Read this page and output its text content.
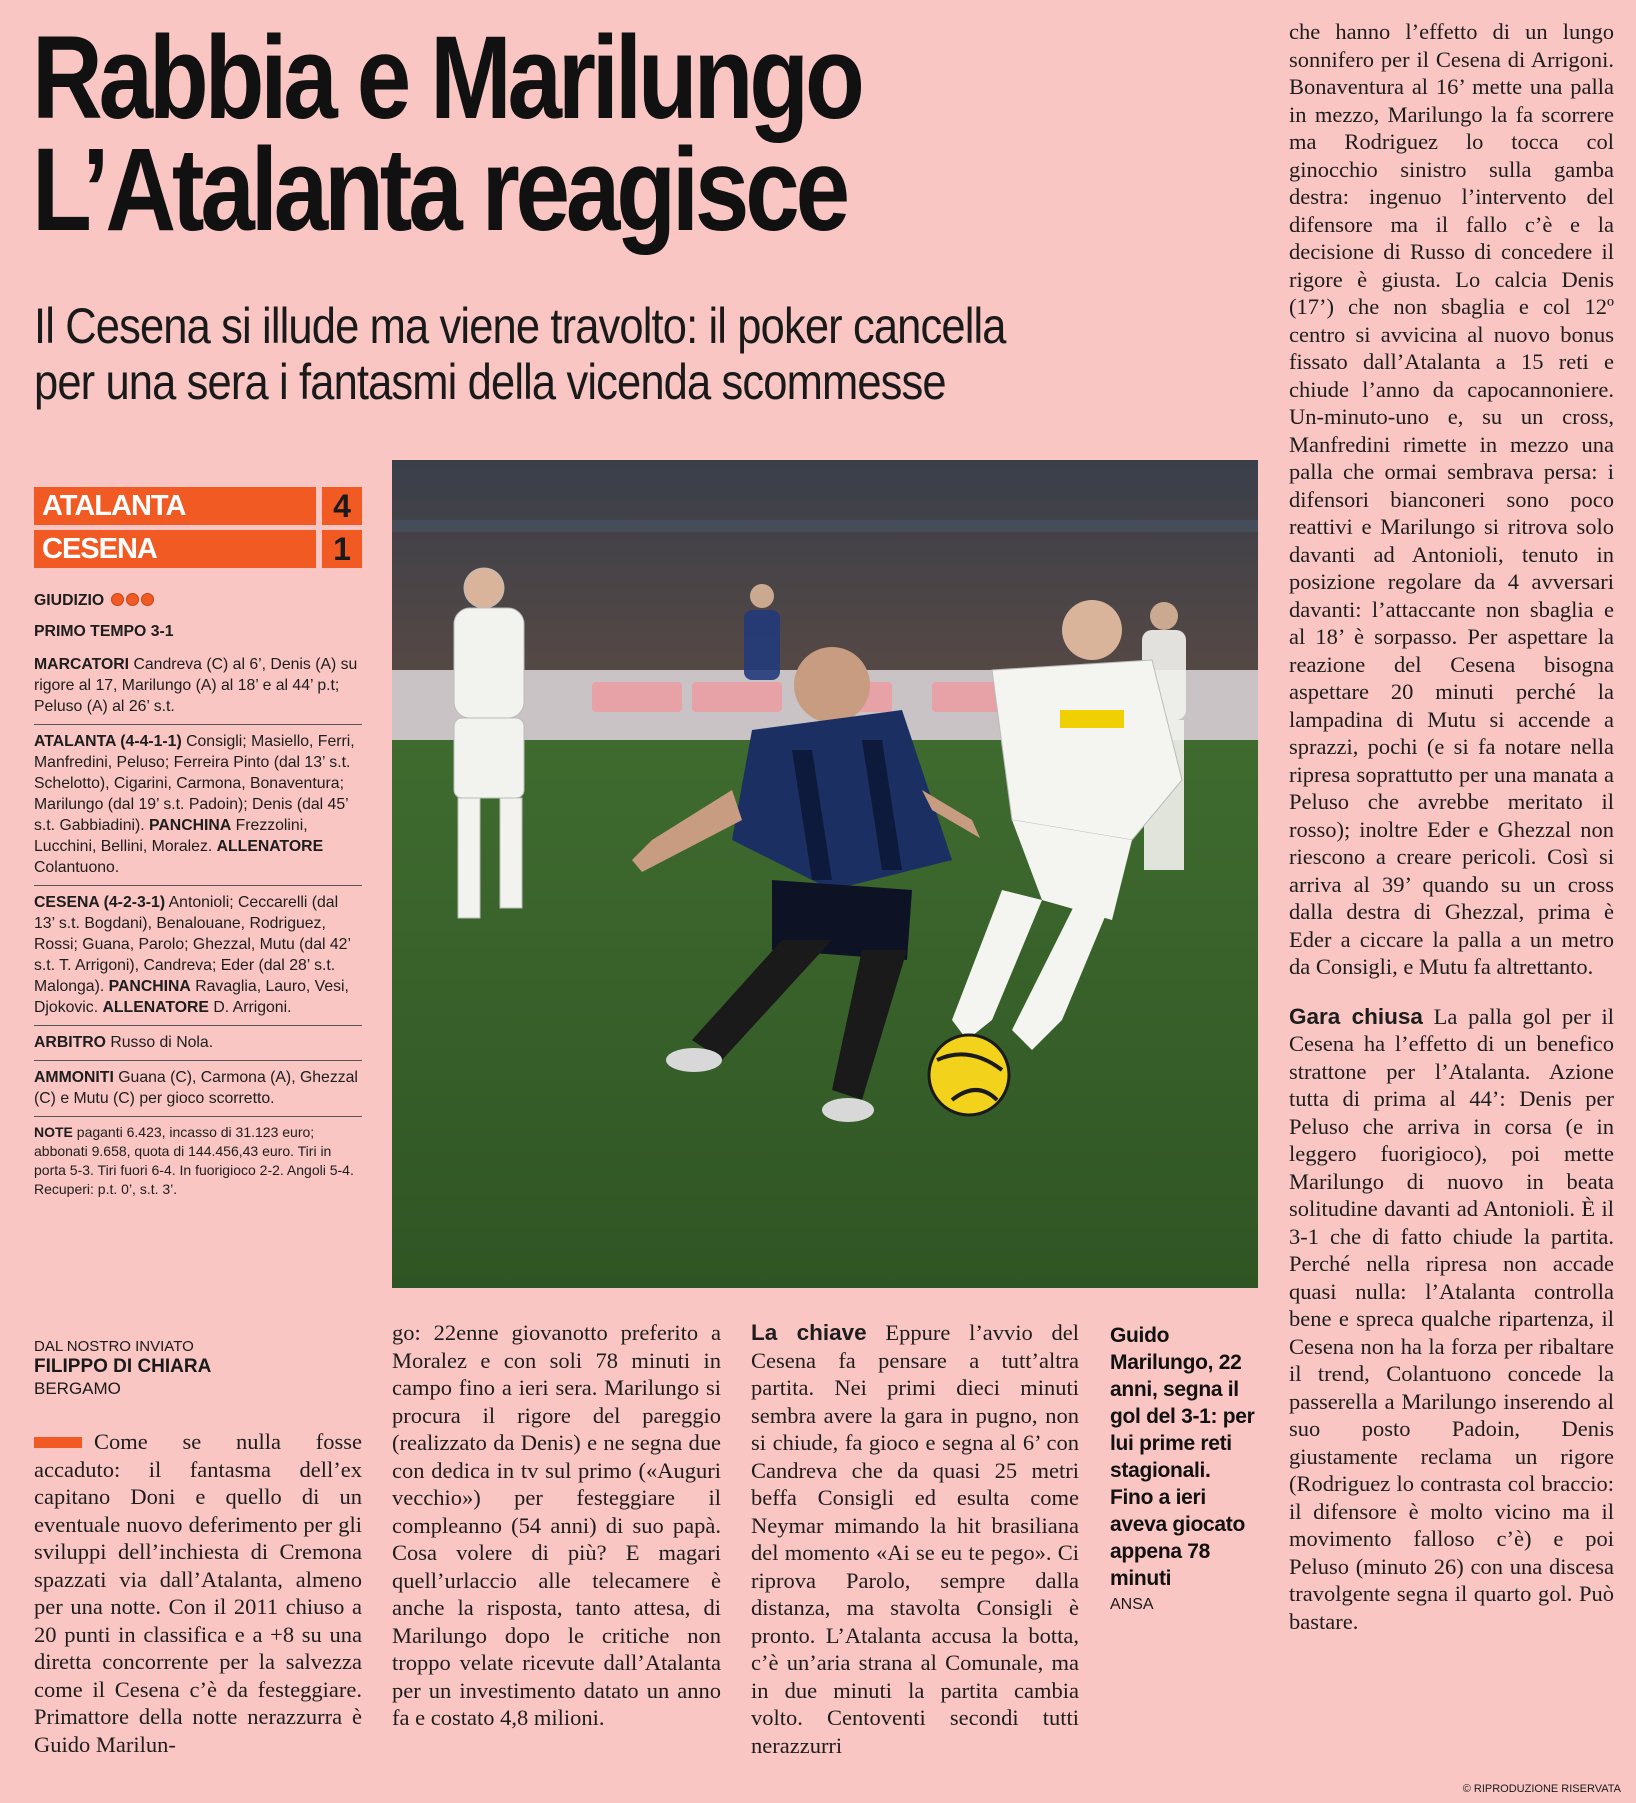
Rabbia e Marilungo
L’Atalanta reagisce
Il Cesena si illude ma viene travolto: il poker cancella
per una sera i fantasmi della vicenda scommesse
ATALANTA	4
CESENA	1
GIUDIZIO
PRIMO TEMPO 3-1
MARCATORI Candreva (C) al 6’, Denis (A) su rigore al 17, Marilungo (A) al 18’ e al 44’ p.t; Peluso (A) al 26’ s.t.
ATALANTA (4-4-1-1) Consigli; Masiello, Ferri, Manfredini, Peluso; Ferreira Pinto (dal 13’ s.t. Schelotto), Cigarini, Carmona, Bonaventura; Marilungo (dal 19’ s.t. Padoin); Denis (dal 45’ s.t. Gabbiadini). PANCHINA Frezzolini, Lucchini, Bellini, Moralez. ALLENATORE Colantuono.
CESENA (4-2-3-1) Antonioli; Ceccarelli (dal 13’ s.t. Bogdani), Benalouane, Rodriguez, Rossi; Guana, Parolo; Ghezzal, Mutu (dal 42’ s.t. T. Arrigoni), Candreva; Eder (dal 28’ s.t. Malonga). PANCHINA Ravaglia, Lauro, Vesi, Djokovic. ALLENATORE D. Arrigoni.
ARBITRO Russo di Nola.
AMMONITI Guana (C), Carmona (A), Ghezzal (C) e Mutu (C) per gioco scorretto.
NOTE paganti 6.423, incasso di 31.123 euro; abbonati 9.658, quota di 144.456,43 euro. Tiri in porta 5-3. Tiri fuori 6-4. In fuorigioco 2-2. Angoli 5-4. Recuperi: p.t. 0’, s.t. 3’.
DAL NOSTRO INVIATO
FILIPPO DI CHIARA
BERGAMO

Come se nulla fosse accaduto: il fantasma dell’ex capitano Doni e quello di un eventuale nuovo deferimento per gli sviluppi dell’inchiesta di Cremona spazzati via dall’Atalanta, almeno per una notte. Con il 2011 chiuso a 20 punti in classifica e a +8 su una diretta concorrente per la salvezza come il Cesena c’è da festeggiare. Primattore della notte nerazzurra è Guido Marilun-

go: 22enne giovanotto preferito a Moralez e con soli 78 minuti in campo fino a ieri sera. Marilungo si procura il rigore del pareggio (realizzato da Denis) e ne segna due con dedica in tv sul primo («Auguri vecchio») per festeggiare il compleanno (54 anni) di suo papà. Cosa volere di più? E magari quell’urlaccio alle telecamere è anche la risposta, tanto attesa, di Marilungo dopo le critiche non troppo velate ricevute dall’Atalanta per un investimento datato un anno fa e costato 4,8 milioni.

La chiave Eppure l’avvio del Cesena fa pensare a tutt’altra partita. Nei primi dieci minuti sembra avere la gara in pugno, non si chiude, fa gioco e segna al 6’ con Candreva che da quasi 25 metri beffa Consigli ed esulta come Neymar mimando la hit brasiliana del momento «Ai se eu te pego». Ci riprova Parolo, sempre dalla distanza, ma stavolta Consigli è pronto. L’Atalanta accusa la botta, c’è un’aria strana al Comunale, ma in due minuti la partita cambia volto. Centoventi secondi tutti nerazzurri

Guido Marilungo, 22 anni, segna il gol del 3-1: per lui prime reti stagionali. Fino a ieri aveva giocato appena 78 minuti
ANSA

che hanno l’effetto di un lungo sonnifero per il Cesena di Arrigoni. Bonaventura al 16’ mette una palla in mezzo, Marilungo la fa scorrere ma Rodriguez lo tocca col ginocchio sinistro sulla gamba destra: ingenuo l’intervento del difensore ma il fallo c’è e la decisione di Russo di concedere il rigore è giusta. Lo calcia Denis (17’) che non sbaglia e col 12º centro si avvicina al nuovo bonus fissato dall’Atalanta a 15 reti e chiude l’anno da capocannoniere. Un-minuto-uno e, su un cross, Manfredini rimette in mezzo una palla che ormai sembrava persa: i difensori bianconeri sono poco reattivi e Marilungo si ritrova solo davanti ad Antonioli, tenuto in posizione regolare da 4 avversari davanti: l’attaccante non sbaglia e al 18’ è sorpasso. Per aspettare la reazione del Cesena bisogna aspettare 20 minuti perché la lampadina di Mutu si accende a sprazzi, pochi (e si fa notare nella ripresa soprattutto per una manata a Peluso che avrebbe meritato il rosso); inoltre Eder e Ghezzal non riescono a creare pericoli. Così si arriva al 39’ quando su un cross dalla destra di Ghezzal, prima è Eder a ciccare la palla a un metro da Consigli, e Mutu fa altrettanto.

Gara chiusa La palla gol per il Cesena ha l’effetto di un benefico strattone per l’Atalanta. Azione tutta di prima al 44’: Denis per Peluso che arriva in corsa (e in leggero fuorigioco), poi mette Marilungo di nuovo in beata solitudine davanti ad Antonioli. È il 3-1 che di fatto chiude la partita. Perché nella ripresa non accade quasi nulla: l’Atalanta controlla bene e spreca qualche ripartenza, il Cesena non ha la forza per ribaltare il trend, Colantuono concede la passerella a Marilungo inserendo al suo posto Padoin, Denis giustamente reclama un rigore (Rodriguez lo contrasta col braccio: il difensore è molto vicino ma il movimento falloso c’è) e poi Peluso (minuto 26) con una discesa travolgente segna il quarto gol. Può bastare.

© RIPRODUZIONE RISERVATA
